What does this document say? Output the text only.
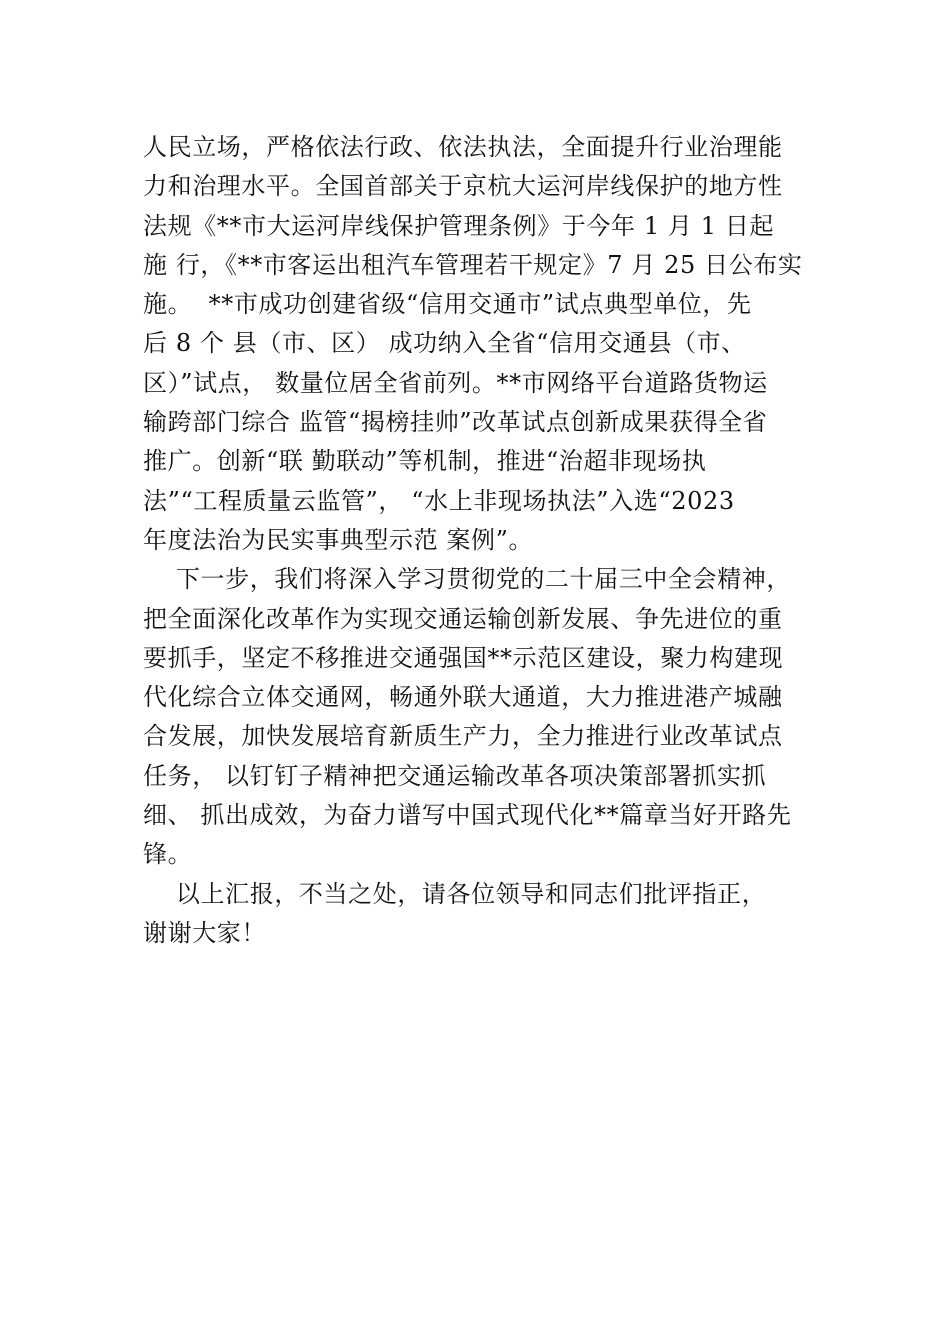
人民立场，严格依法行政、依法执法，全面提升行业治理能
力和治理水平。全国首部关于京杭大运河岸线保护的地方性
法规《**市大运河岸线保护管理条例》于今年 1 月 1 日起
施 行，《**市客运出租汽车管理若干规定》7 月 25 日公布实
施。  **市成功创建省级“信用交通市”试点典型单位，先
后 8 个 县（市、区） 成功纳入全省“信用交通县（市、
区）”试点， 数量位居全省前列。**市网络平台道路货物运
输跨部门综合 监管“揭榜挂帅”改革试点创新成果获得全省
推广。创新“联 勤联动”等机制，推进“治超非现场执
法”“工程质量云监管”， “水上非现场执法”入选“2023
年度法治为民实事典型示范 案例”。
下一步，我们将深入学习贯彻党的二十届三中全会精神，
把全面深化改革作为实现交通运输创新发展、争先进位的重
要抓手，坚定不移推进交通强国**示范区建设，聚力构建现
代化综合立体交通网，畅通外联大通道，大力推进港产城融
合发展，加快发展培育新质生产力，全力推进行业改革试点
任务， 以钉钉子精神把交通运输改革各项决策部署抓实抓
细、 抓出成效，为奋力谱写中国式现代化**篇章当好开路先
锋。
以上汇报，不当之处，请各位领导和同志们批评指正，
谢谢大家！
